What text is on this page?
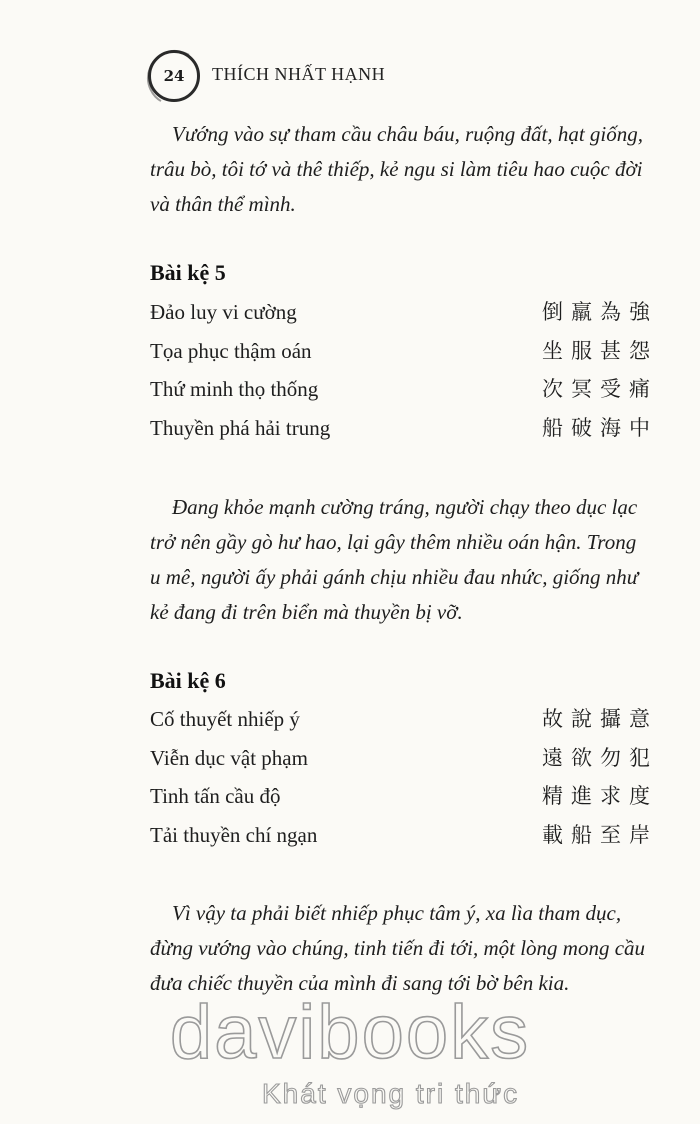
24 THÍCH NHẤT HẠNH

Vướng vào sự tham cầu châu báu, ruộng đất, hạt giống, trâu bò, tôi tớ và thê thiếp, kẻ ngu si làm tiêu hao cuộc đời và thân thể mình.

Bài kệ 5
Đảo luy vi cường	倒羸為強
Tọa phục thậm oán	坐服甚怨
Thứ minh thọ thống	次冥受痛
Thuyền phá hải trung	船破海中

Đang khỏe mạnh cường tráng, người chạy theo dục lạc trở nên gầy gò hư hao, lại gây thêm nhiều oán hận. Trong u mê, người ấy phải gánh chịu nhiều đau nhức, giống như kẻ đang đi trên biển mà thuyền bị vỡ.

Bài kệ 6
Cố thuyết nhiếp ý	故說攝意
Viễn dục vật phạm	遠欲勿犯
Tinh tấn cầu độ	精進求度
Tải thuyền chí ngạn	載船至岸

Vì vậy ta phải biết nhiếp phục tâm ý, xa lìa tham dục, đừng vướng vào chúng, tinh tiến đi tới, một lòng mong cầu đưa chiếc thuyền của mình đi sang tới bờ bên kia.

davibooks
Khát vọng tri thức
